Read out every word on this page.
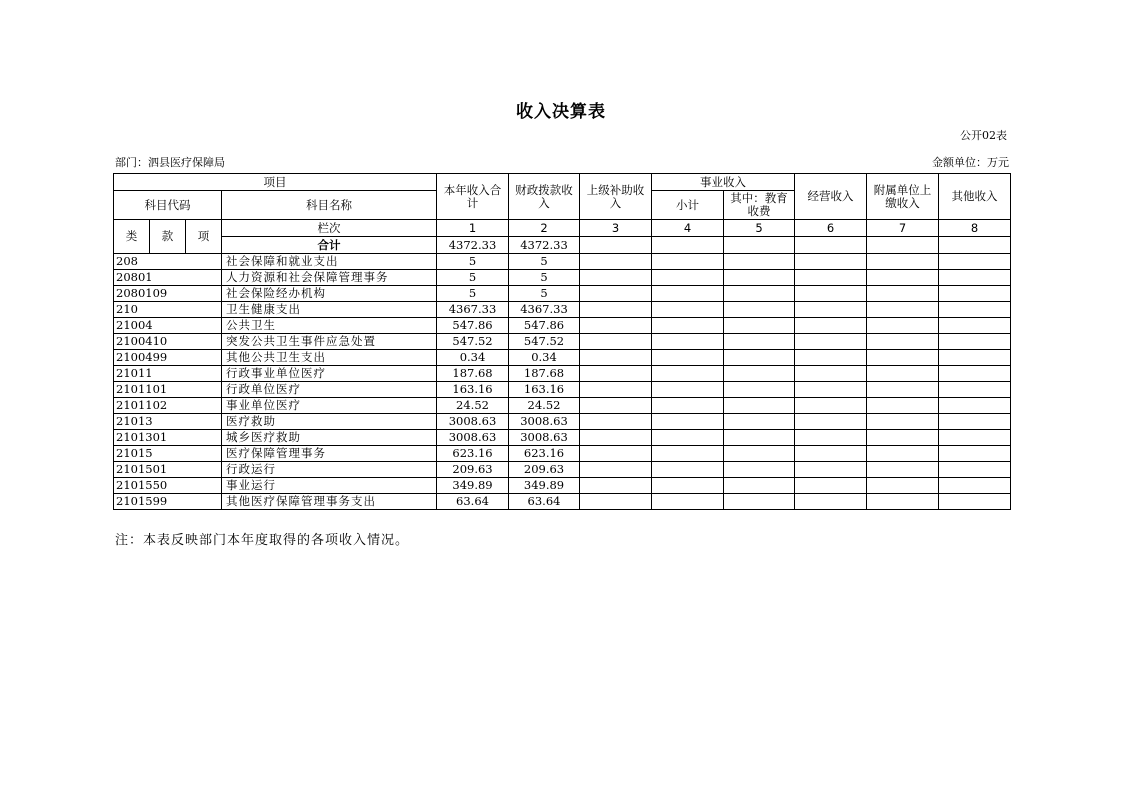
收入决算表
公开02表
部门：泗县医疗保障局	金额单位：万元
项目				本年收入合计	财政拨款收入	上级补助收入	事业收入		经营收入	附属单位上缴收入	其他收入
科目代码			科目名称				小计	其中：教育收费			
类	款	项	栏次	1	2	3	4	5	6	7	8
			合计	4372.33	4372.33						
208			社会保障和就业支出	5	5						
20801			人力资源和社会保障管理事务	5	5						
2080109			社会保险经办机构	5	5						
210			卫生健康支出	4367.33	4367.33						
21004			公共卫生	547.86	547.86						
2100410			突发公共卫生事件应急处置	547.52	547.52						
2100499			其他公共卫生支出	0.34	0.34						
21011			行政事业单位医疗	187.68	187.68						
2101101			行政单位医疗	163.16	163.16						
2101102			事业单位医疗	24.52	24.52						
21013			医疗救助	3008.63	3008.63						
2101301			城乡医疗救助	3008.63	3008.63						
21015			医疗保障管理事务	623.16	623.16						
2101501			行政运行	209.63	209.63						
2101550			事业运行	349.89	349.89						
2101599			其他医疗保障管理事务支出	63.64	63.64						
注：本表反映部门本年度取得的各项收入情况。
